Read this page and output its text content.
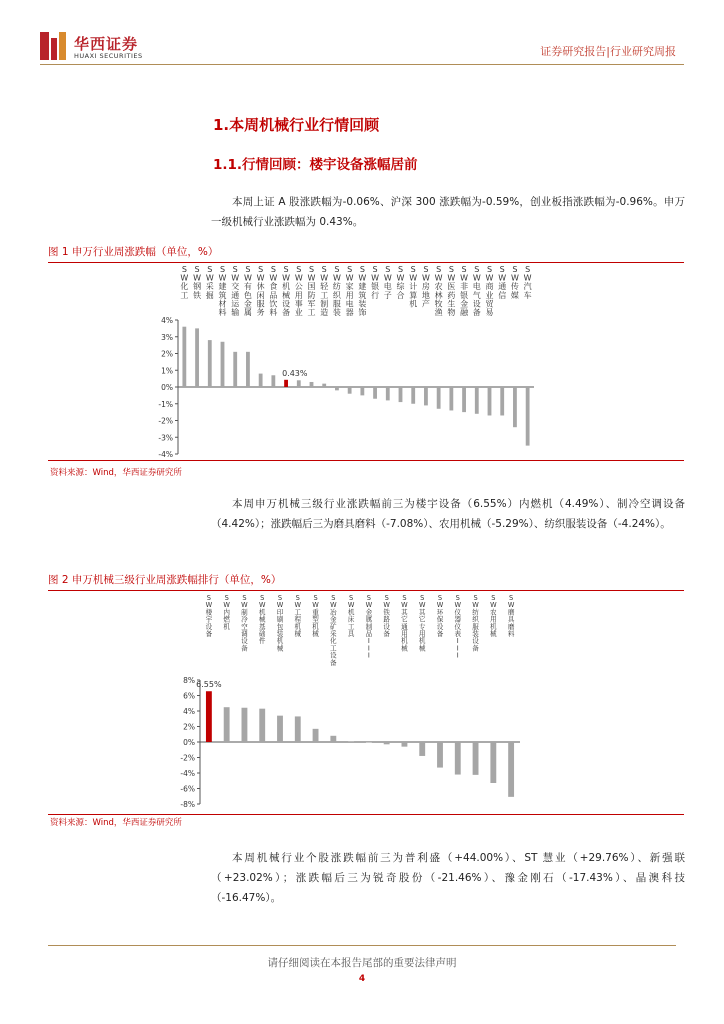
华西证券
HUAXI SECURITIES	证券研究报告|行业研究周报
1.本周机械行业行情回顾
1.1.行情回顾：楼宇设备涨幅居前
本周上证 A 股涨跌幅为-0.06%、沪深 300 涨跌幅为-0.59%，创业板指涨跌幅为-0.96%。申万一级机械行业涨跌幅为 0.43%。
图 1 申万行业周涨跌幅（单位，%）
4%
3%
2%
1%
0%
-1%
-2%
-3%
-4%
S W 化工
S W 钢铁
S W 采掘
S W 建筑材料
S W 交通运输
S W 有色金属
S W 休闲服务
S W 食品饮料
S W 机械设备
0.43%
S W 公用事业
S W 国防军工
S W 轻工制造
S W 纺织服装
S W 家用电器
S W 建筑装饰
S W 银行
S W 电子
S W 综合
S W 计算机
S W 房地产
S W 农林牧渔
S W 医药生物
S W 非银金融
S W 电气设备
S W 商业贸易
S W 通信
S W 传媒
S W 汽车
资料来源：Wind，华西证券研究所
本周申万机械三级行业涨跌幅前三为楼宇设备（6.55%）内燃机（4.49%）、制冷空调设备（4.42%）；涨跌幅后三为磨具磨料（-7.08%）、农用机械（-5.29%）、纺织服装设备（-4.24%）。
图 2 申万机械三级行业周涨跌幅排行（单位，%）
8%
6%
4%
2%
0%
-2%
-4%
-6%
-8%
S W 楼宇设备
6.55%
S W 内燃机
S W 制冷空调设备
S W 机械基础件
S W 印刷包装机械
S W 工程机械
S W 重型机械
S W 冶金矿采化工设备
S W 机床工具
S W 金属制品 I I I
S W 铁路设备
S W 其它通用机械
S W 其它专用机械
S W 环保设备
S W 仪器仪表 I I I
S W 纺织服装设备
S W 农用机械
S W 磨具磨料
资料来源：Wind，华西证券研究所
本周机械行业个股涨跌幅前三为普利盛（+44.00%）、ST 慧业（+29.76%）、新强联（+23.02%）；涨跌幅后三为锐奇股份（-21.46%）、豫金刚石（-17.43%）、晶澳科技（-16.47%）。
请仔细阅读在本报告尾部的重要法律声明
4
